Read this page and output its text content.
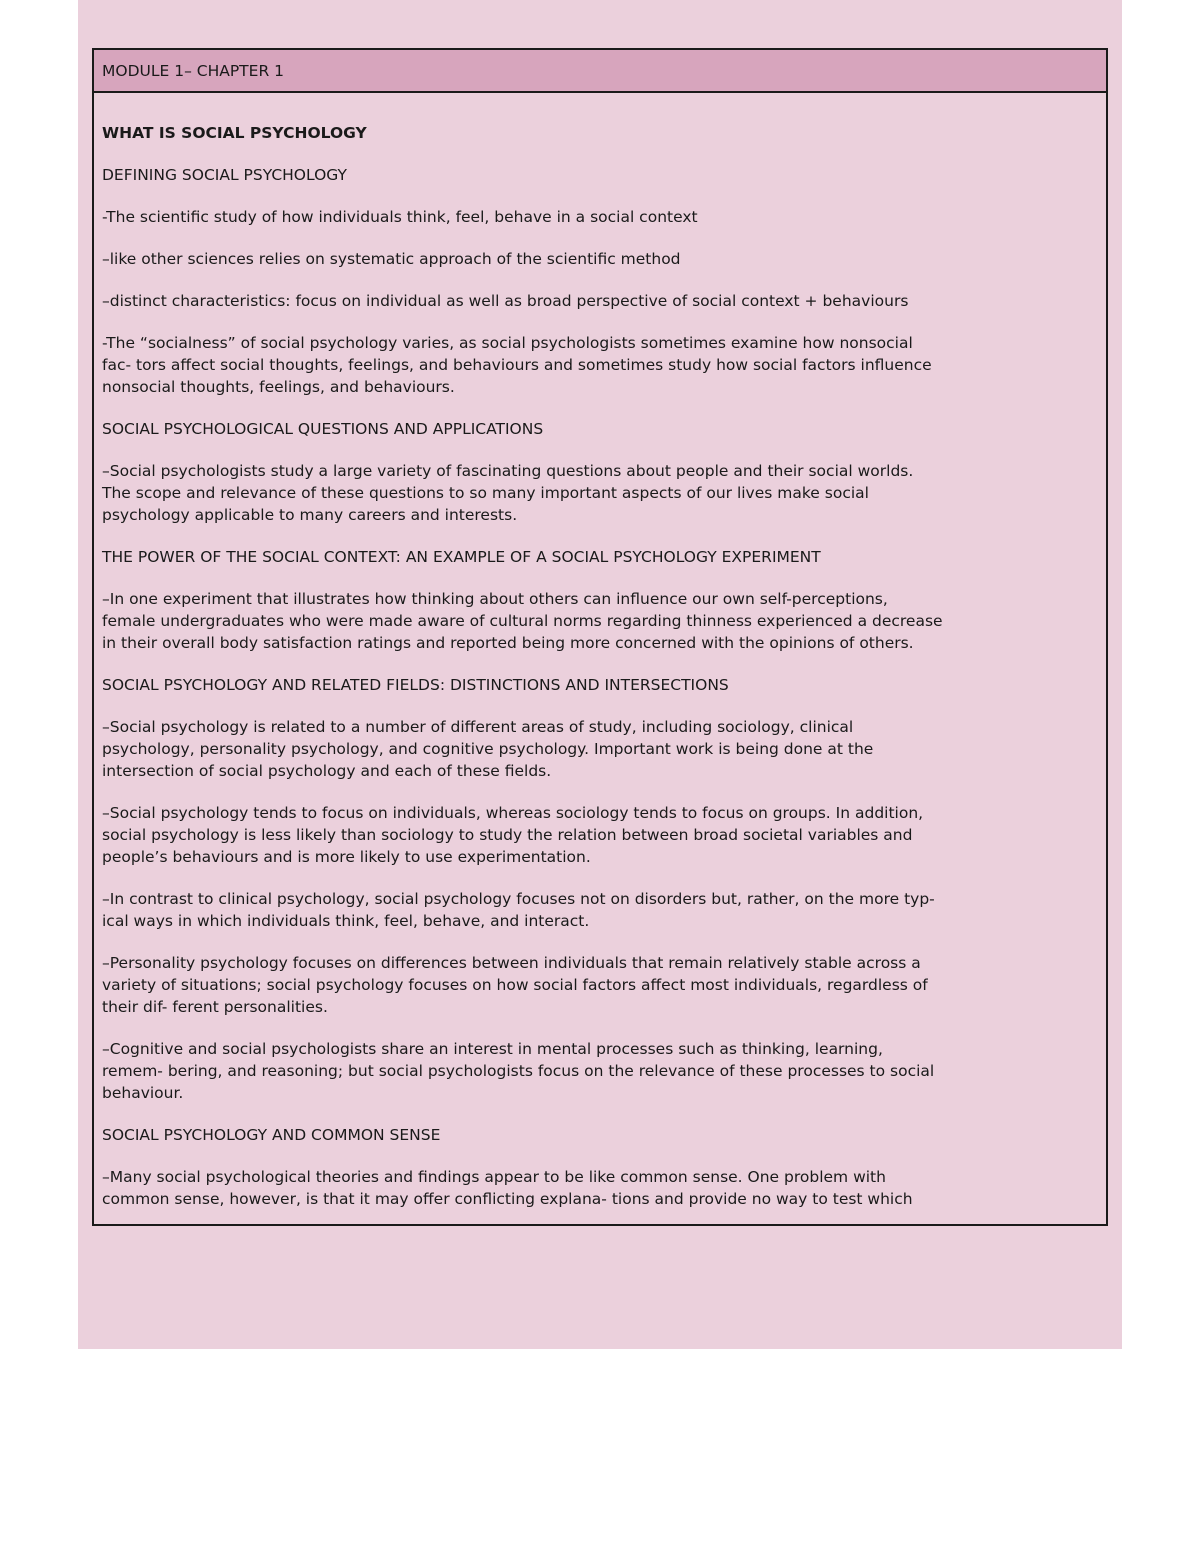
MODULE 1– CHAPTER 1

WHAT IS SOCIAL PSYCHOLOGY

DEFINING SOCIAL PSYCHOLOGY

-The scientific study of how individuals think, feel, behave in a social context

–like other sciences relies on systematic approach of the scientific method

–distinct characteristics: focus on individual as well as broad perspective of social context + behaviours

-The “socialness” of social psychology varies, as social psychologists sometimes examine how nonsocial
fac- tors affect social thoughts, feelings, and behaviours and sometimes study how social factors influence
nonsocial thoughts, feelings, and behaviours.

SOCIAL PSYCHOLOGICAL QUESTIONS AND APPLICATIONS

–Social psychologists study a large variety of fascinating questions about people and their social worlds.
The scope and relevance of these questions to so many important aspects of our lives make social
psychology applicable to many careers and interests.

THE POWER OF THE SOCIAL CONTEXT: AN EXAMPLE OF A SOCIAL PSYCHOLOGY EXPERIMENT

–In one experiment that illustrates how thinking about others can influence our own self-perceptions,
female undergraduates who were made aware of cultural norms regarding thinness experienced a decrease
in their overall body satisfaction ratings and reported being more concerned with the opinions of others.

SOCIAL PSYCHOLOGY AND RELATED FIELDS: DISTINCTIONS AND INTERSECTIONS

–Social psychology is related to a number of different areas of study, including sociology, clinical
psychology, personality psychology, and cognitive psychology. Important work is being done at the
intersection of social psychology and each of these fields.

–Social psychology tends to focus on individuals, whereas sociology tends to focus on groups. In addition,
social psychology is less likely than sociology to study the relation between broad societal variables and
people’s behaviours and is more likely to use experimentation.

–In contrast to clinical psychology, social psychology focuses not on disorders but, rather, on the more typ-
ical ways in which individuals think, feel, behave, and interact.

–Personality psychology focuses on differences between individuals that remain relatively stable across a
variety of situations; social psychology focuses on how social factors affect most individuals, regardless of
their dif- ferent personalities.

–Cognitive and social psychologists share an interest in mental processes such as thinking, learning,
remem- bering, and reasoning; but social psychologists focus on the relevance of these processes to social
behaviour.

SOCIAL PSYCHOLOGY AND COMMON SENSE

–Many social psychological theories and findings appear to be like common sense. One problem with
common sense, however, is that it may offer conflicting explana- tions and provide no way to test which
